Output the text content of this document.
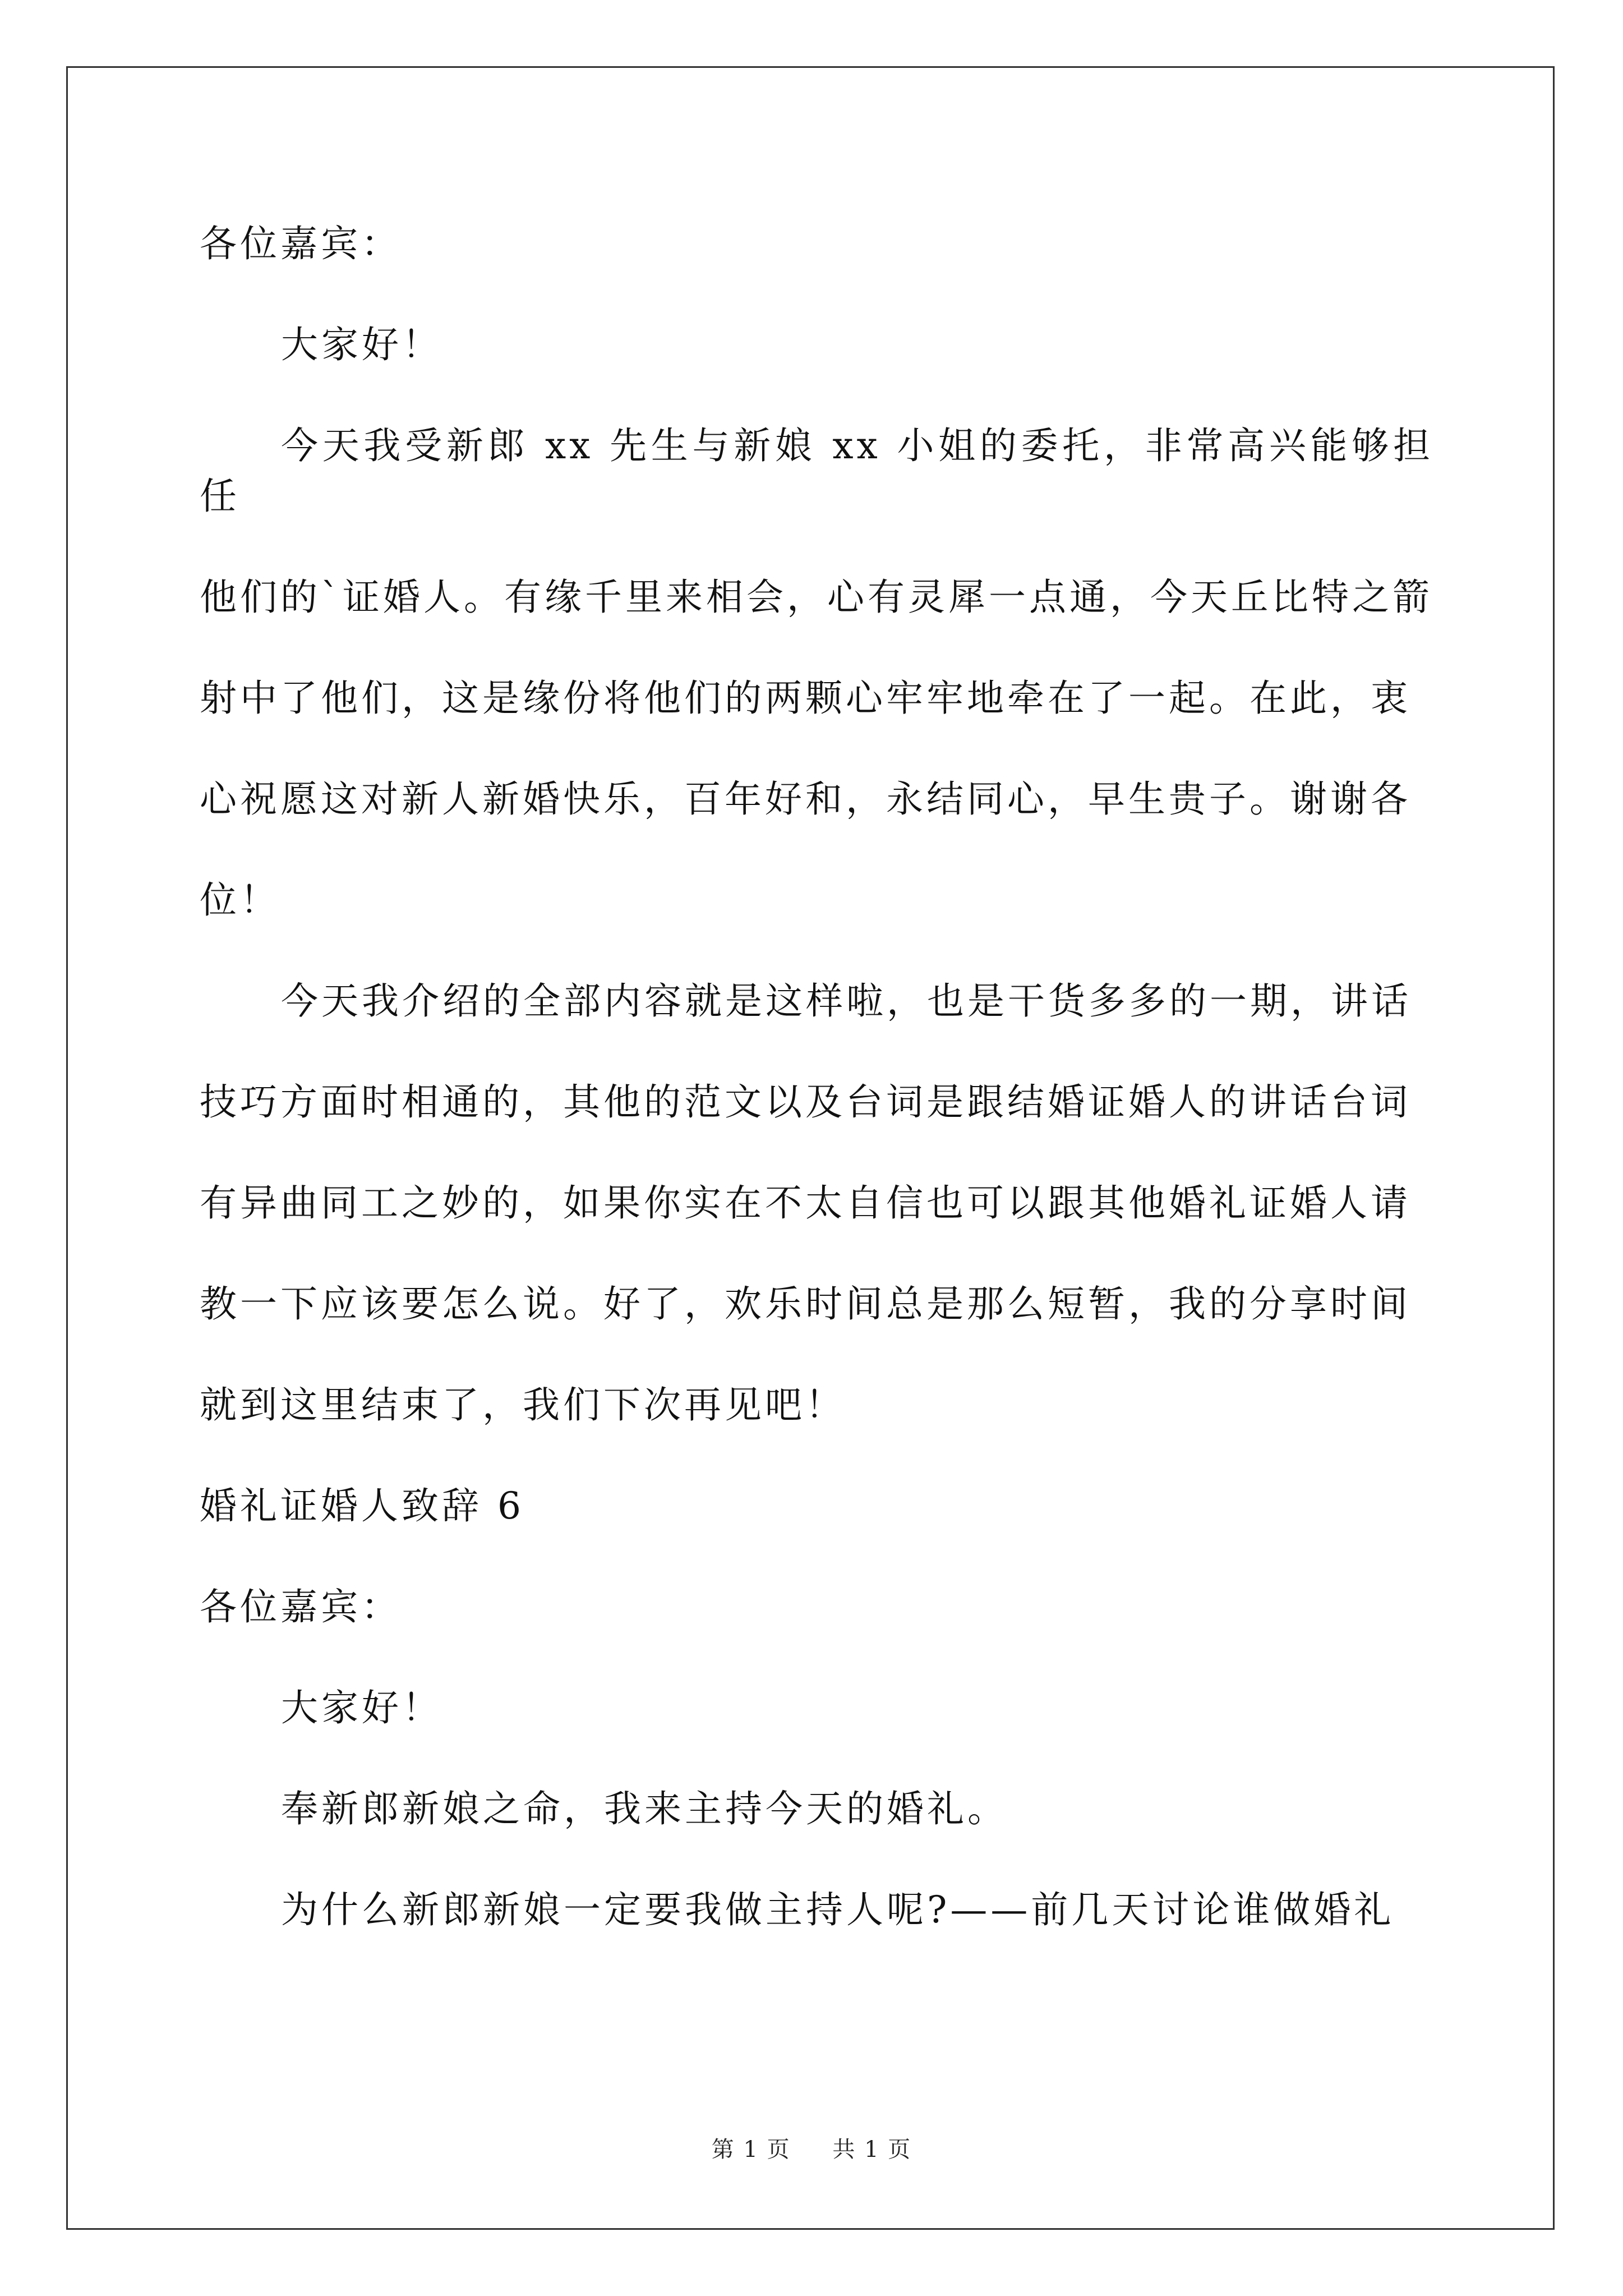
各位嘉宾：
大家好！
今天我受新郎 xx 先生与新娘 xx 小姐的委托，非常高兴能够担任
他们的`证婚人。有缘千里来相会，心有灵犀一点通，今天丘比特之箭
射中了他们，这是缘份将他们的两颗心牢牢地牵在了一起。在此，衷
心祝愿这对新人新婚快乐，百年好和，永结同心，早生贵子。谢谢各
位！
今天我介绍的全部内容就是这样啦，也是干货多多的一期，讲话
技巧方面时相通的，其他的范文以及台词是跟结婚证婚人的讲话台词
有异曲同工之妙的，如果你实在不太自信也可以跟其他婚礼证婚人请
教一下应该要怎么说。好了，欢乐时间总是那么短暂，我的分享时间
就到这里结束了，我们下次再见吧！
婚礼证婚人致辞 6
各位嘉宾：
大家好！
奉新郎新娘之命，我来主持今天的婚礼。
为什么新郎新娘一定要我做主持人呢?——前几天讨论谁做婚礼
第 1 页 共 1 页
